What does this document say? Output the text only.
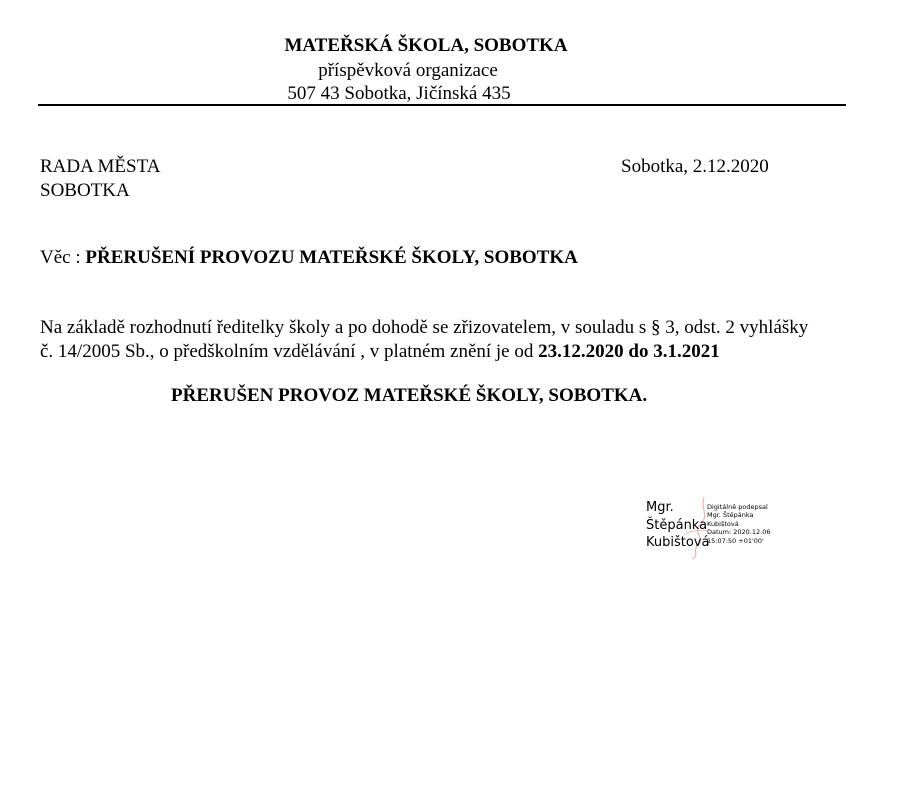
MATEŘSKÁ ŠKOLA, SOBOTKA
příspěvková organizace
507 43 Sobotka, Jičínská 435
RADA MĚSTA
SOBOTKA
Sobotka, 2.12.2020
Věc : PŘERUŠENÍ PROVOZU MATEŘSKÉ ŠKOLY, SOBOTKA
Na základě rozhodnutí ředitelky školy a po dohodě se zřizovatelem, v souladu s § 3, odst. 2 vyhlášky
č. 14/2005 Sb., o předškolním vzdělávání , v platném znění je od 23.12.2020 do 3.1.2021
PŘERUŠEN PROVOZ MATEŘSKÉ ŠKOLY, SOBOTKA.
Mgr.
Štěpánka
Kubištová
Digitálně podepsal
Mgr. Štěpánka
Kubištová
Datum: 2020.12.06
15:07:50 +01'00'
